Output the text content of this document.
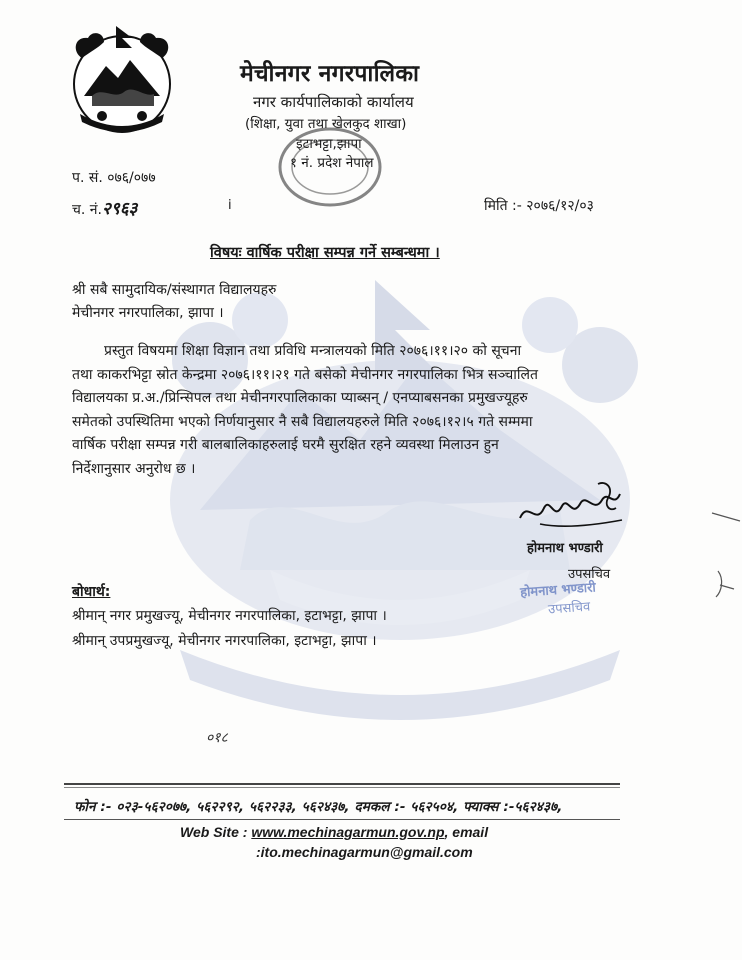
मेचीनगर नगरपालिका
नगर कार्यपालिकाको कार्यालय
(शिक्षा, युवा तथा खेलकुद शाखा)
इटाभट्टा,झापा
१ नं. प्रदेश नेपाल
प. सं. ०७६/०७७
च. नं.२९६३	i	मिति :- २०७६/१२/०३
विषयः वार्षिक परीक्षा सम्पन्न गर्ने सम्बन्धमा ।
श्री सबै सामुदायिक/संस्थागत विद्यालयहरु
मेचीनगर नगरपालिका, झापा ।
प्रस्तुत विषयमा शिक्षा विज्ञान तथा प्रविधि मन्त्रालयको मिति २०७६।११।२० को सूचना
तथा काकरभिट्टा स्रोत केन्द्रमा २०७६।११।२१ गते बसेको मेचीनगर नगरपालिका भित्र सञ्चालित
विद्यालयका प्र.अ./प्रिन्सिपल तथा मेचीनगरपालिकाका प्याब्सन् / एनप्याबसनका प्रमुखज्यूहरु
समेतको उपस्थितिमा भएको निर्णयानुसार नै सबै विद्यालयहरुले मिति २०७६।१२।५ गते सम्ममा
वार्षिक परीक्षा सम्पन्न गरी बालबालिकाहरुलाई घरमै सुरक्षित रहने व्यवस्था मिलाउन हुन
निर्देशानुसार अनुरोध छ ।
होमनाथ भण्डारी
उपसचिव
होमनाथ भण्डारी
उपसचिव
बोधार्थ:
श्रीमान् नगर प्रमुखज्यू, मेचीनगर नगरपालिका, इटाभट्टा, झापा ।
श्रीमान् उपप्रमुखज्यू, मेचीनगर नगरपालिका, इटाभट्टा, झापा ।
०१८
फोन :- ०२३-५६२०७७, ५६२२९२, ५६२२३३, ५६२४३७, दमकल :- ५६२५०४, फ्याक्स :-५६२४३७,
Web Site : www.mechinagarmun.gov.np, email
:ito.mechinagarmun@gmail.com
